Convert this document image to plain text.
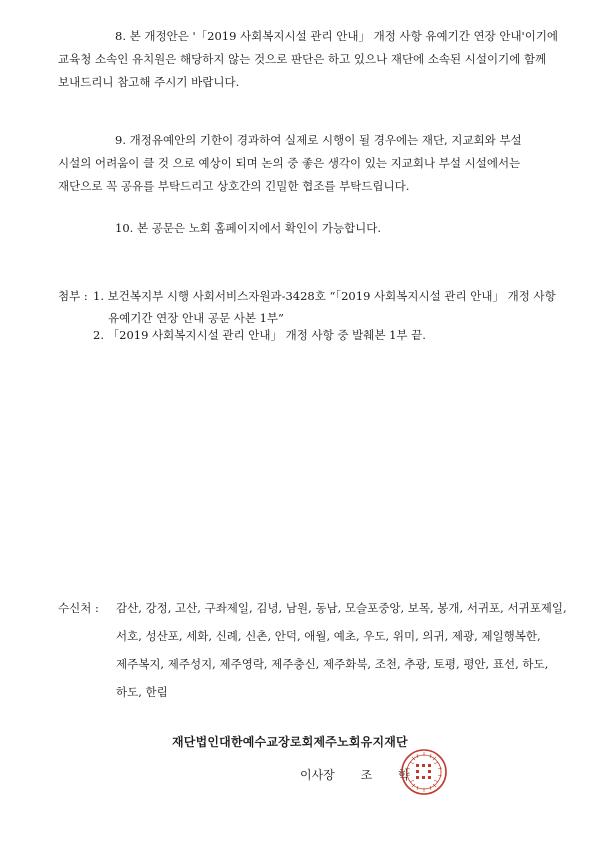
8. 본 개정안은 '「2019 사회복지시설 관리 안내」 개정 사항 유예기간 연장 안내'이기에
교육청 소속인 유치원은 해당하지 않는 것으로 판단은 하고 있으나 재단에 소속된 시설이기에 함께
보내드리니 참고해 주시기 바랍니다.
9. 개정유예안의 기한이 경과하여 실제로 시행이 될 경우에는 재단, 지교회와 부설
시설의 어려움이 클 것 으로 예상이 되며 논의 중 좋은 생각이 있는 지교회나 부설 시설에서는
재단으로 꼭 공유를 부탁드리고 상호간의 긴밀한 협조를 부탁드립니다.
10. 본 공문은 노회 홈페이지에서 확인이 가능합니다.
첨부 : 1. 보건복지부 시행 사회서비스자원과-3428호 “「2019 사회복지시설 관리 안내」 개정 사항
유예기간 연장 안내 공문 사본 1부”
2. 「2019 사회복지시설 관리 안내」 개정 사항 중 발췌본 1부 끝.
수신처 : 감산, 강정, 고산, 구좌제일, 김녕, 남원, 동남, 모슬포중앙, 보목, 봉개, 서귀포, 서귀포제일,
서호, 성산포, 세화, 신례, 신촌, 안덕, 애월, 예초, 우도, 위미, 의귀, 제광, 제일행복한,
제주복지, 제주성지, 제주영락, 제주충신, 제주화북, 조천, 추광, 토평, 평안, 표선, 하도,
하도, 한림
재단법인대한예수교장로회제주노회유지재단
이사장 조 학
